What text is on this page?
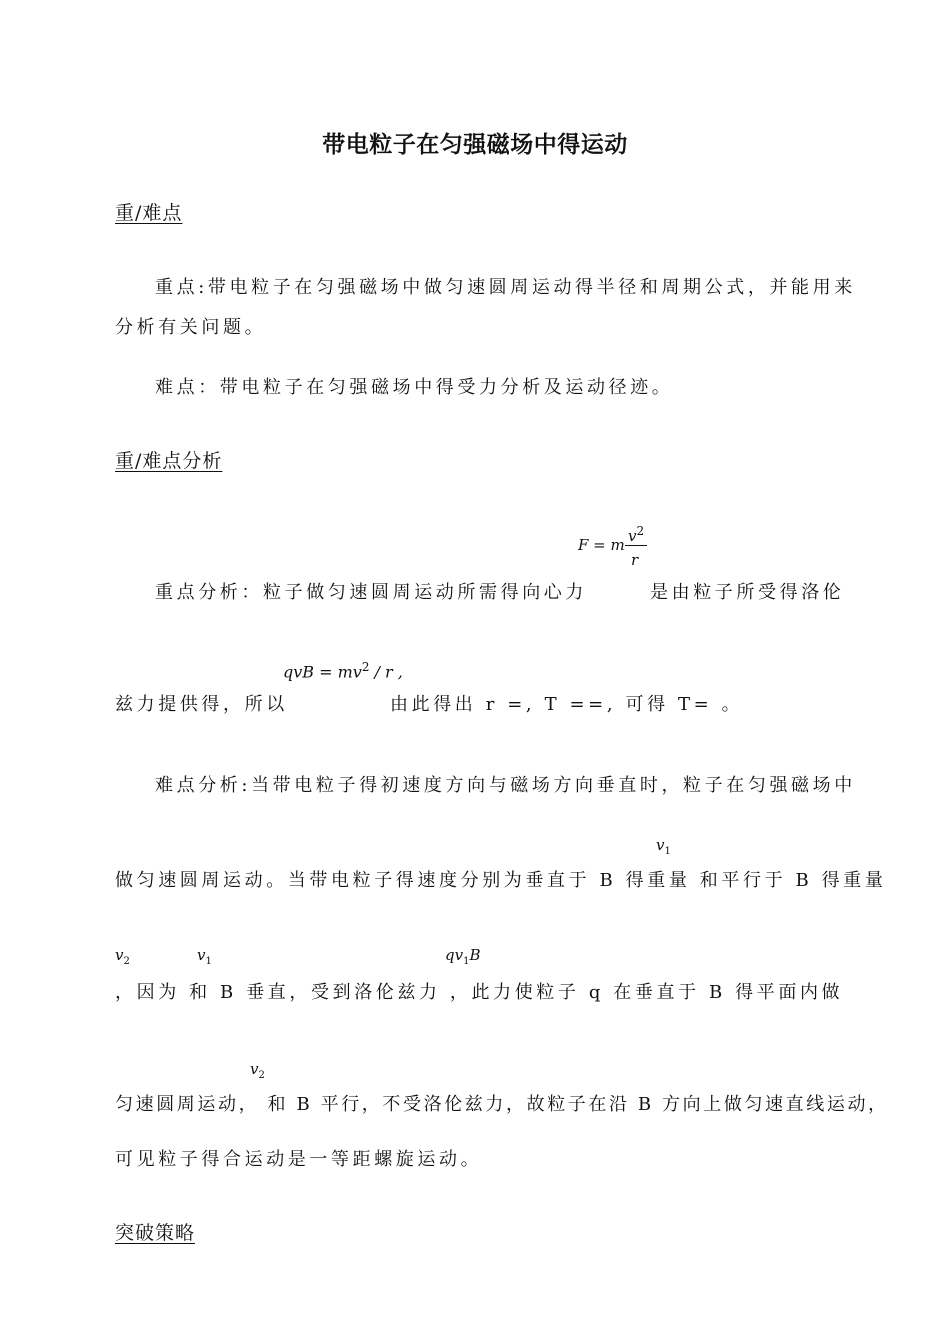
带电粒子在匀强磁场中得运动
重/难点
重点:带电粒子在匀强磁场中做匀速圆周运动得半径和周期公式，并能用来
分析有关问题。
难点：带电粒子在匀强磁场中得受力分析及运动径迹。
重/难点分析
F = m $v^2$
r
重点分析：粒子做匀速圆周运动所需得向心力	是由粒子所受得洛伦
qvB = $mv^2$ / r ,
兹力提供得，所以	由此得出 r =, T ==, 可得 T= 。
难点分析:当带电粒子得初速度方向与磁场方向垂直时，粒子在匀强磁场中
$v_1$
做匀速圆周运动。当带电粒子得速度分别为垂直于 B 得重量 和平行于 B 得重量
$v_2$	$v_1$	$qv_1B$
，因为 和 B 垂直，受到洛伦兹力 ，此力使粒子 q 在垂直于 B 得平面内做
$v_2$
匀速圆周运动， 和 B 平行，不受洛伦兹力，故粒子在沿 B 方向上做匀速直线运动，
可见粒子得合运动是一等距螺旋运动。
突破策略
